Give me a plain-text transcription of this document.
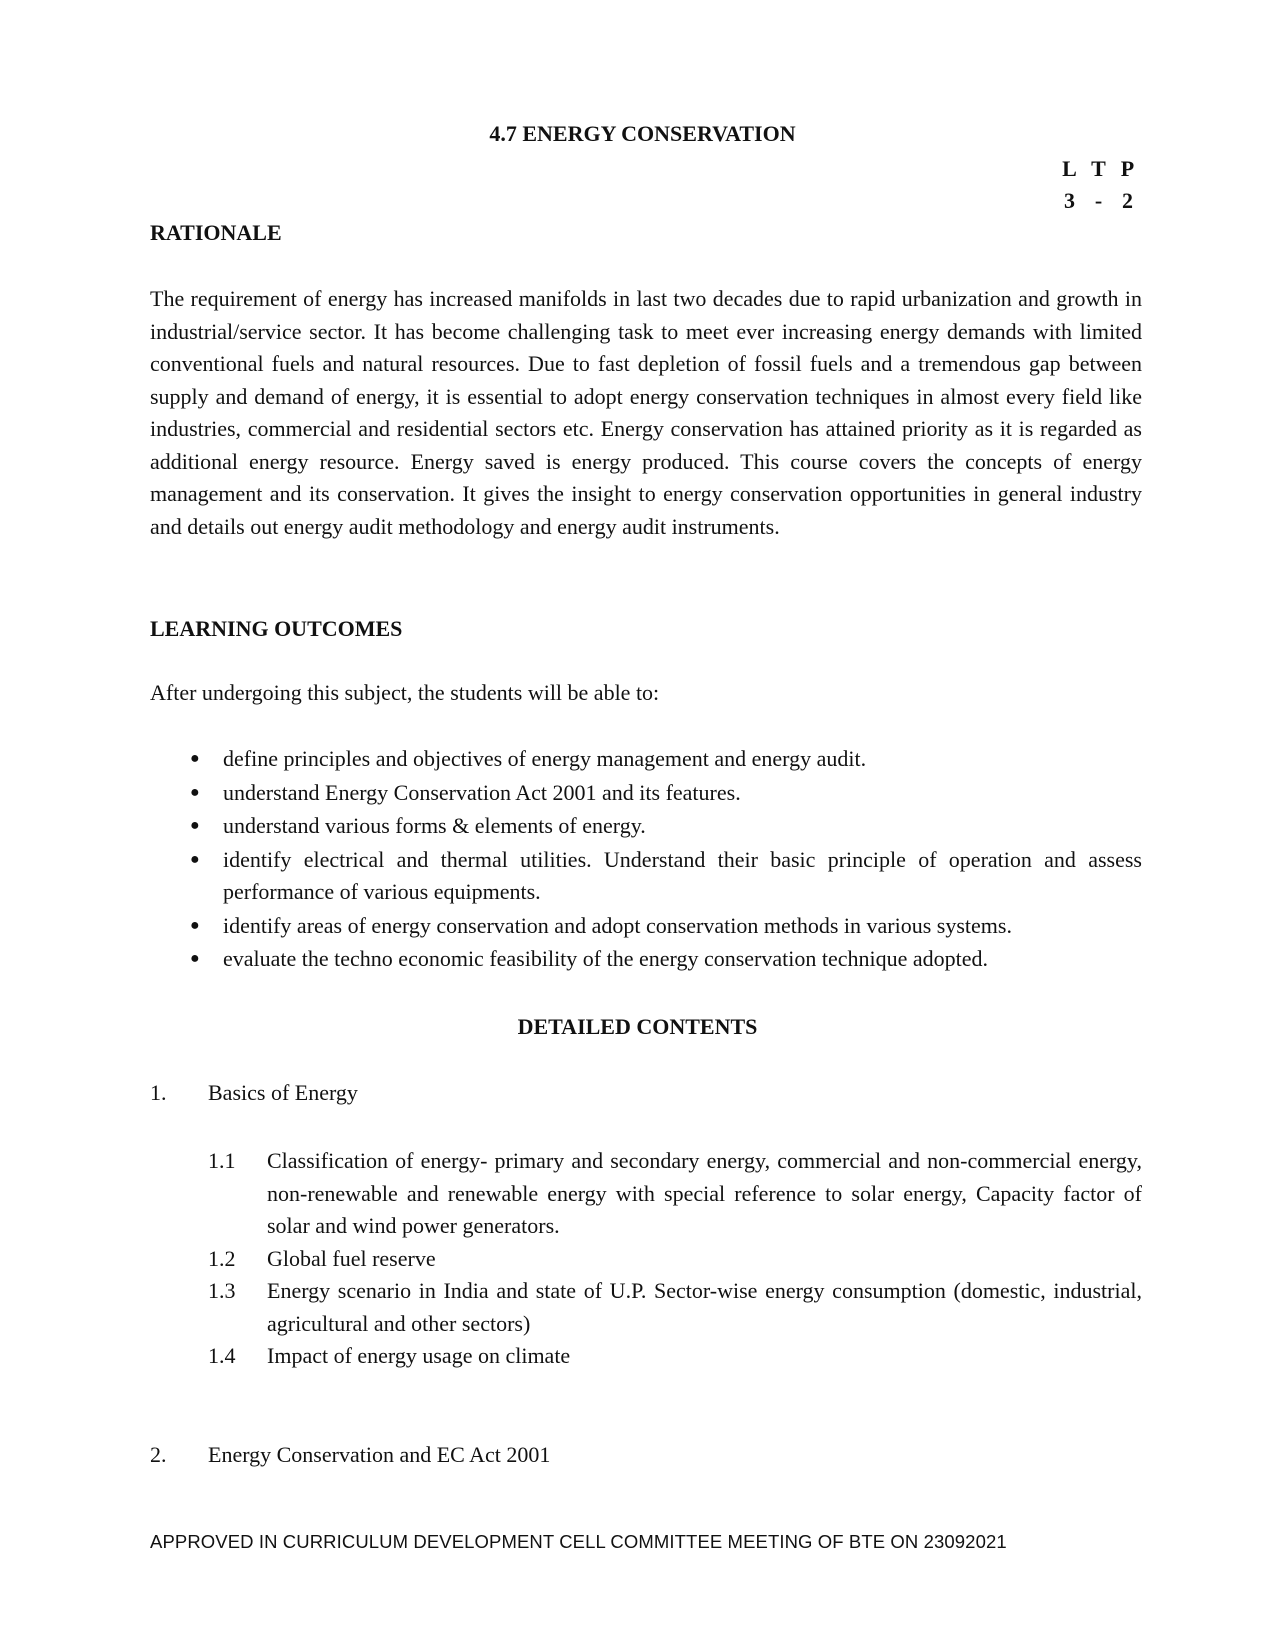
4.7 ENERGY CONSERVATION
L T P
3 - 2
RATIONALE

The requirement of energy has increased manifolds in last two decades due to rapid urbanization and growth in industrial/service sector. It has become challenging task to meet ever increasing energy demands with limited conventional fuels and natural resources. Due to fast depletion of fossil fuels and a tremendous gap between supply and demand of energy, it is essential to adopt energy conservation techniques in almost every field like industries, commercial and residential sectors etc. Energy conservation has attained priority as it is regarded as additional energy resource. Energy saved is energy produced. This course covers the concepts of energy management and its conservation. It gives the insight to energy conservation opportunities in general industry and details out energy audit methodology and energy audit instruments.

LEARNING OUTCOMES
After undergoing this subject, the students will be able to:
● define principles and objectives of energy management and energy audit.
● understand Energy Conservation Act 2001 and its features.
● understand various forms & elements of energy.
● identify electrical and thermal utilities. Understand their basic principle of operation and assess performance of various equipments.
● identify areas of energy conservation and adopt conservation methods in various systems.
● evaluate the techno economic feasibility of the energy conservation technique adopted.
DETAILED CONTENTS
1. Basics of Energy
1.1 Classification of energy- primary and secondary energy, commercial and non-commercial energy, non-renewable and renewable energy with special reference to solar energy, Capacity factor of solar and wind power generators.
1.2 Global fuel reserve
1.3 Energy scenario in India and state of U.P. Sector-wise energy consumption (domestic, industrial, agricultural and other sectors)
1.4 Impact of energy usage on climate
2. Energy Conservation and EC Act 2001
APPROVED IN CURRICULUM DEVELOPMENT CELL COMMITTEE MEETING OF BTE ON 23092021
